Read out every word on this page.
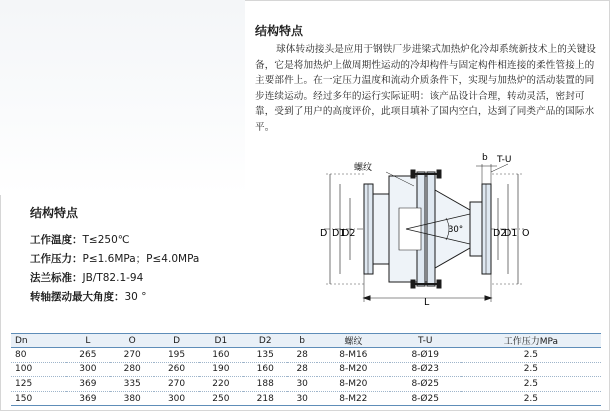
结构特点

球体转动接头是应用于钢铁厂步进梁式加热炉化冷却系统新技术上的关键设备，它是将加热炉上做周期性运动的冷却构件与固定构件相连接的柔性管接上的主要部件上。在一定压力温度和流动介质条件下，实现与加热炉的活动装置的同步连续运动。经过多年的运行实际证明：该产品设计合理，转动灵活，密封可靠，受到了用户的高度评价，此项目填补了国内空白，达到了同类产品的国际水平。

结构特点
工作温度：T≤250℃
工作压力：P≤1.6MPa；P≤4.0MPa
法兰标准：JB/T82.1-94
转轴摆动最大角度：30 °
螺纹
b T-U
D D1
D2	D2
D1 O
L
30°
Dn	L	O	D	D1	D2	b	螺纹	T-U	工作压力MPa
80	265	270	195	160	135	28	8-M16	8-Ø19	2.5
100	300	280	260	190	160	28	8-M20	8-Ø23	2.5
125	369	335	270	220	188	30	8-M20	8-Ø25	2.5
150	369	380	300	250	218	30	8-M22	8-Ø25	2.5
